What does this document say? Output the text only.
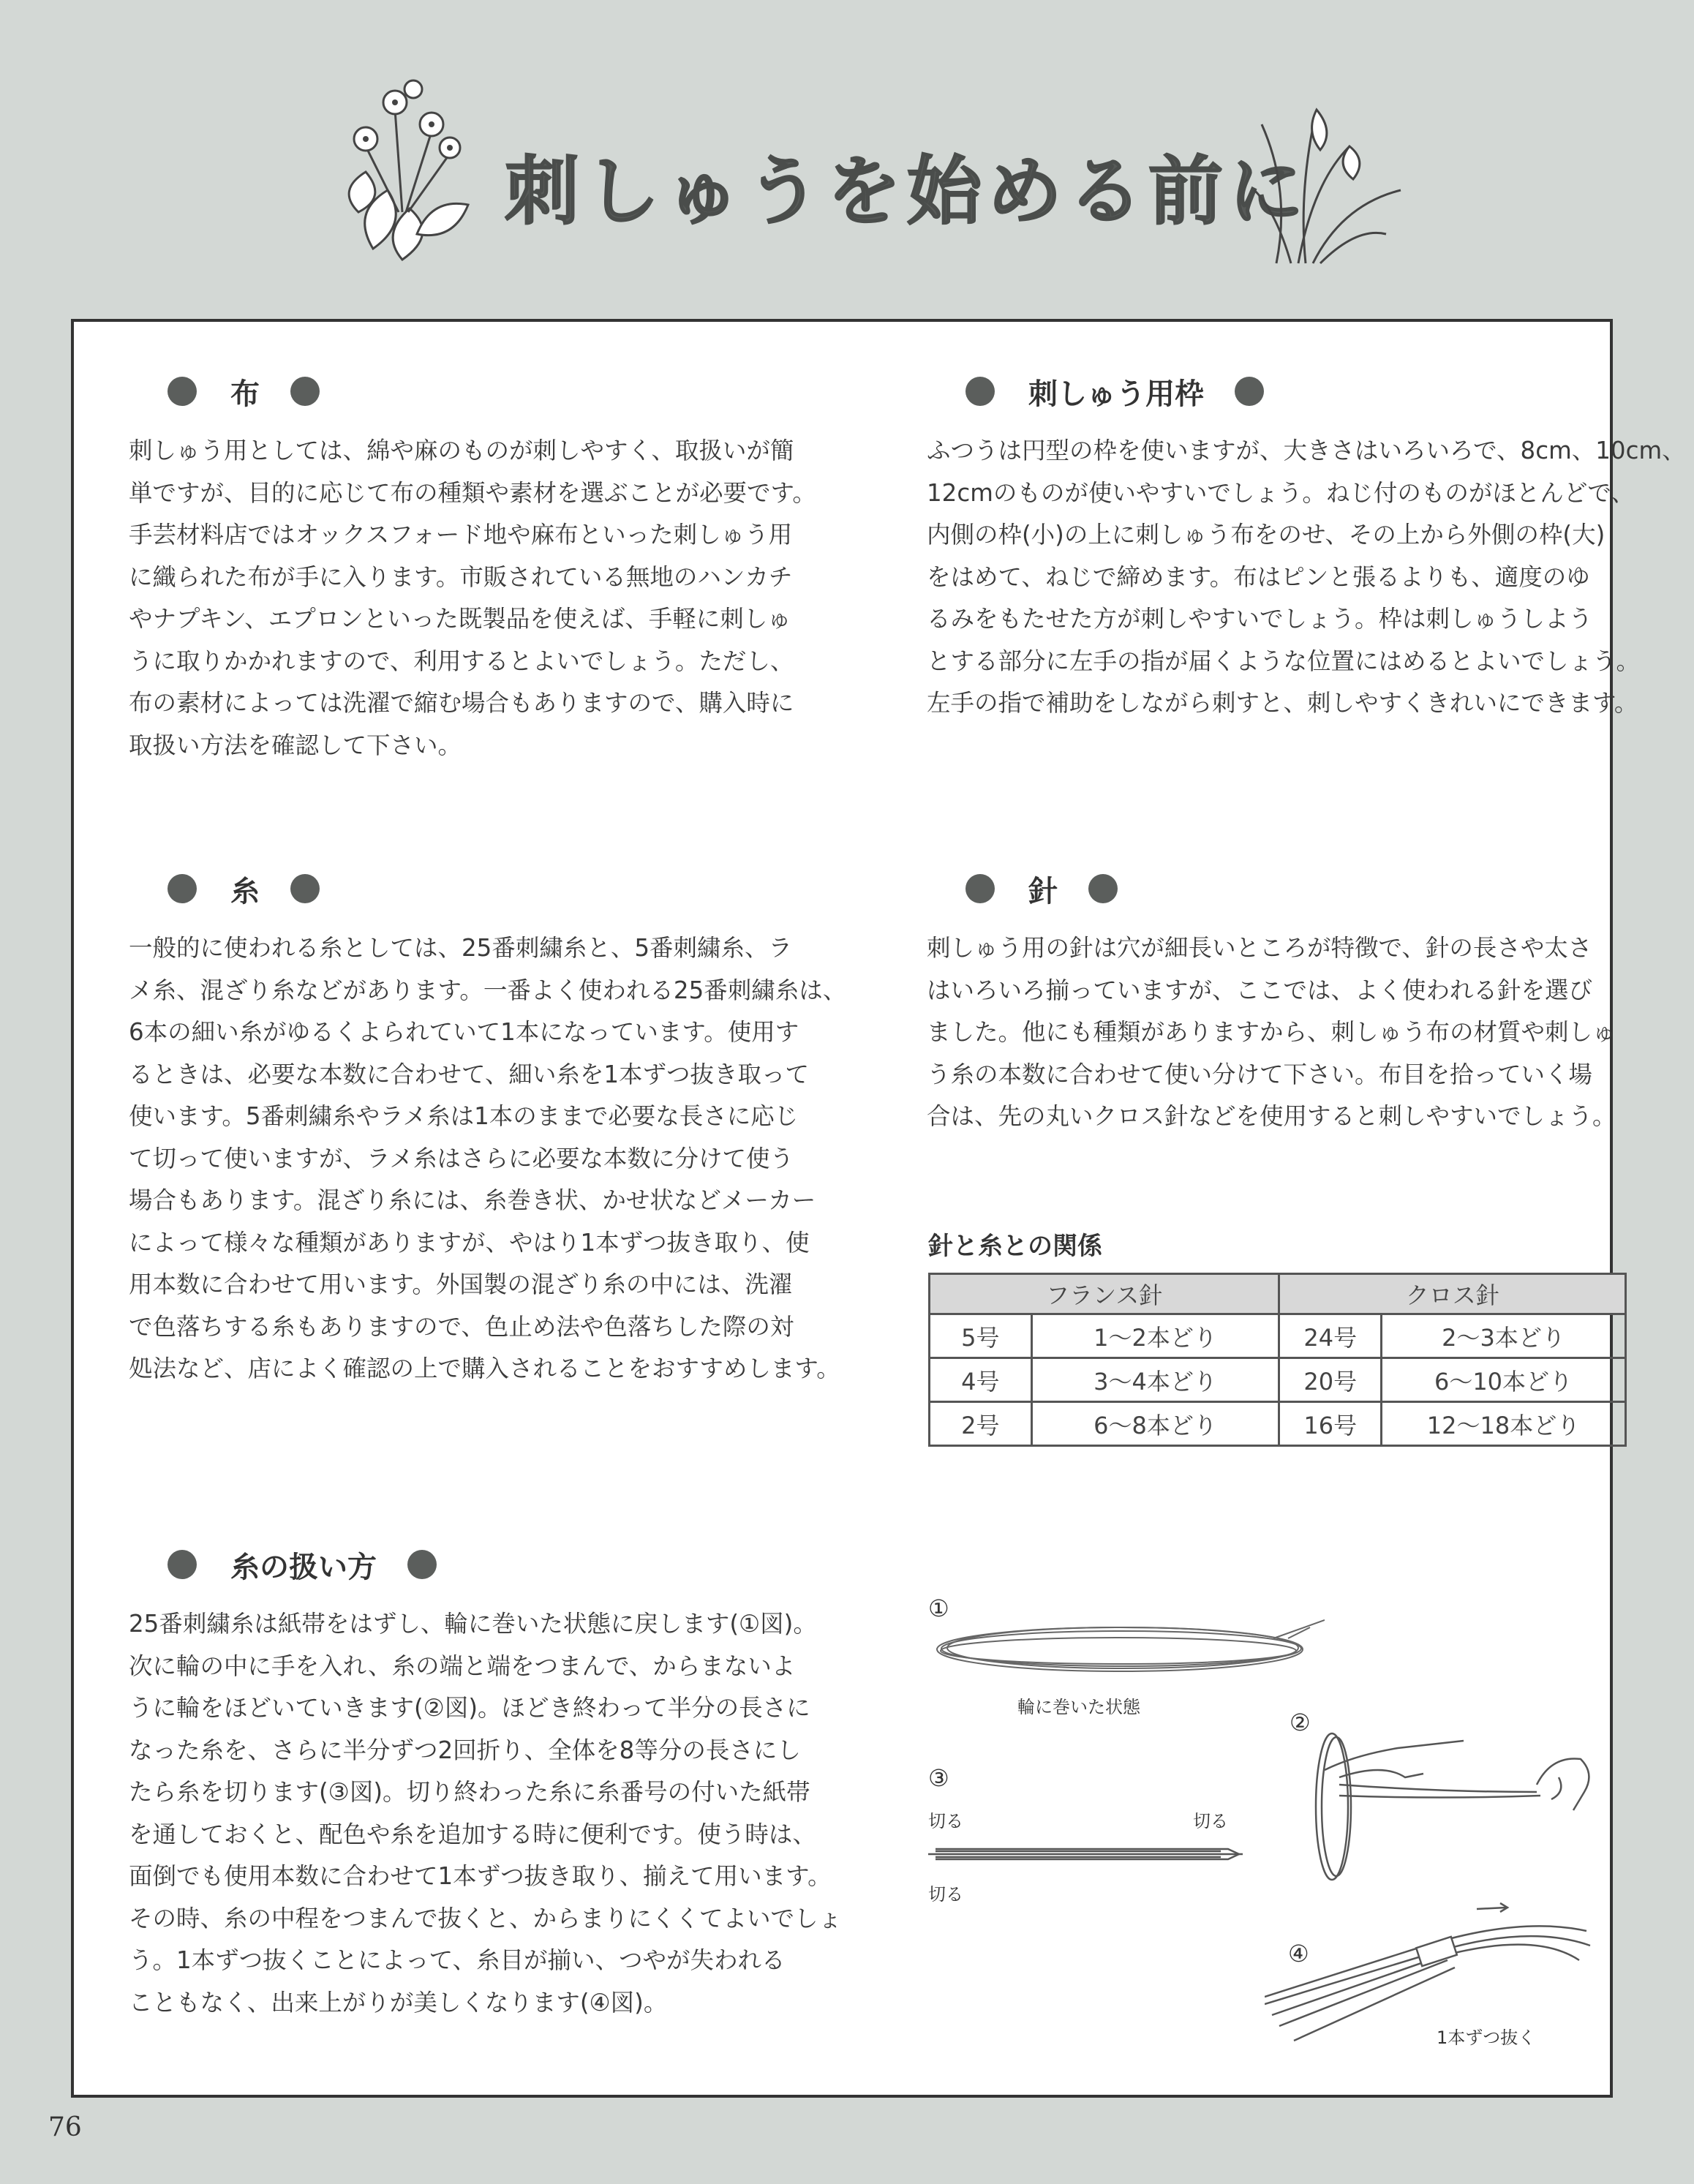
刺しゅうを始める前に
布

刺しゅう用としては、綿や麻のものが刺しやすく、取扱いが簡

単ですが、目的に応じて布の種類や素材を選ぶことが必要です。

手芸材料店ではオックスフォード地や麻布といった刺しゅう用

に織られた布が手に入ります。市販されている無地のハンカチ

やナプキン、エプロンといった既製品を使えば、手軽に刺しゅ

うに取りかかれますので、利用するとよいでしょう。ただし、

布の素材によっては洗濯で縮む場合もありますので、購入時に

取扱い方法を確認して下さい。

刺しゅう用枠

ふつうは円型の枠を使いますが、大きさはいろいろで、8cm、10cm、

12cmのものが使いやすいでしょう。ねじ付のものがほとんどで、

内側の枠(小)の上に刺しゅう布をのせ、その上から外側の枠(大)

をはめて、ねじで締めます。布はピンと張るよりも、適度のゆ

るみをもたせた方が刺しやすいでしょう。枠は刺しゅうしよう

とする部分に左手の指が届くような位置にはめるとよいでしょう。

左手の指で補助をしながら刺すと、刺しやすくきれいにできます。

糸

一般的に使われる糸としては、25番刺繍糸と、5番刺繍糸、ラ

メ糸、混ざり糸などがあります。一番よく使われる25番刺繍糸は、

6本の細い糸がゆるくよられていて1本になっています。使用す

るときは、必要な本数に合わせて、細い糸を1本ずつ抜き取って

使います。5番刺繍糸やラメ糸は1本のままで必要な長さに応じ

て切って使いますが、ラメ糸はさらに必要な本数に分けて使う

場合もあります。混ざり糸には、糸巻き状、かせ状などメーカー

によって様々な種類がありますが、やはり1本ずつ抜き取り、使

用本数に合わせて用います。外国製の混ざり糸の中には、洗濯

で色落ちする糸もありますので、色止め法や色落ちした際の対

処法など、店によく確認の上で購入されることをおすすめします。

針

刺しゅう用の針は穴が細長いところが特徴で、針の長さや太さ

はいろいろ揃っていますが、ここでは、よく使われる針を選び

ました。他にも種類がありますから、刺しゅう布の材質や刺しゅ

う糸の本数に合わせて使い分けて下さい。布目を拾っていく場

合は、先の丸いクロス針などを使用すると刺しやすいでしょう。

針と糸との関係
フランス針		クロス針	
5号	1〜2本どり	24号	2〜3本どり
4号	3〜4本どり	20号	6〜10本どり
2号	6〜8本どり	16号	12〜18本どり
糸の扱い方

25番刺繍糸は紙帯をはずし、輪に巻いた状態に戻します(①図)。

次に輪の中に手を入れ、糸の端と端をつまんで、からまないよ

うに輪をほどいていきます(②図)。ほどき終わって半分の長さに

なった糸を、さらに半分ずつ2回折り、全体を8等分の長さにし

たら糸を切ります(③図)。切り終わった糸に糸番号の付いた紙帯

を通しておくと、配色や糸を追加する時に便利です。使う時は、

面倒でも使用本数に合わせて1本ずつ抜き取り、揃えて用います。

その時、糸の中程をつまんで抜くと、からまりにくくてよいでしょ

う。1本ずつ抜くことによって、糸目が揃い、つやが失われる

こともなく、出来上がりが美しくなります(④図)。

①
輪に巻いた状態
②
③
切る	切る
切る
④
1本ずつ抜く
76
